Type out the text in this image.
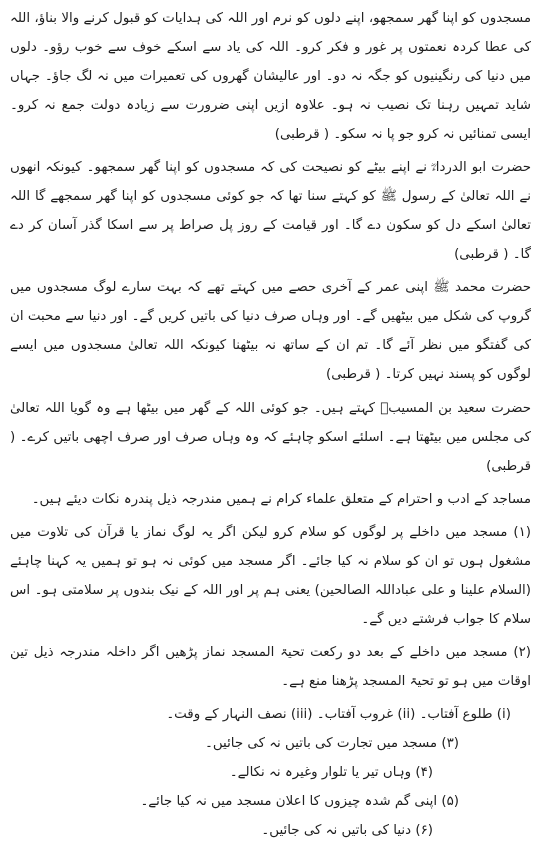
مسجدوں کو اپنا گھر سمجھو، اپنے دلوں کو نرم اور اللہ کی ہدایات کو قبول کرنے والا بناؤ، اللہ کی عطا کردہ نعمتوں پر غور و فکر کرو۔ اللہ کی یاد سے اسکے خوف سے خوب رؤو۔ دلوں میں دنیا کی رنگینیوں کو جگہ نہ دو۔ اور عالیشان گھروں کی تعمیرات میں نہ لگ جاؤ۔ جہاں شاید تمہیں رہنا تک نصیب نہ ہو۔ علاوہ ازیں اپنی ضرورت سے زیادہ دولت جمع نہ کرو۔ ایسی تمنائیں نہ کرو جو پا نہ سکو۔ ( قرطبی)

حضرت ابو الدرداءؓ نے اپنے بیٹے کو نصیحت کی کہ مسجدوں کو اپنا گھر سمجھو۔ کیونکہ انھوں نے اللہ تعالیٰ کے رسول ﷺ کو کہتے سنا تھا کہ جو کوئی مسجدوں کو اپنا گھر سمجھے گا اللہ تعالیٰ اسکے دل کو سکون دے گا۔ اور قیامت کے روز پل صراط پر سے اسکا گذر آسان کر دے گا۔ ( قرطبی)

حضرت محمد ﷺ اپنی عمر کے آخری حصے میں کہتے تھے کہ بہت سارے لوگ مسجدوں میں گروپ کی شکل میں بیٹھیں گے۔ اور وہاں صرف دنیا کی باتیں کریں گے۔ اور دنیا سے محبت ان کی گفتگو میں نظر آئے گا۔ تم ان کے ساتھ نہ بیٹھنا کیونکہ اللہ تعالیٰ مسجدوں میں ایسے لوگوں کو پسند نہیں کرتا۔ ( قرطبی)

حضرت سعید بن المسیبؒ کہتے ہیں۔ جو کوئی اللہ کے گھر میں بیٹھا ہے وہ گویا اللہ تعالیٰ کی مجلس میں بیٹھتا ہے۔ اسلئے اسکو چاہئے کہ وہ وہاں صرف اور صرف اچھی باتیں کرے۔ ( قرطبی)

مساجد کے ادب و احترام کے متعلق علماء کرام نے ہمیں مندرجہ ذیل پندرہ نکات دیئے ہیں۔

(۱) مسجد میں داخلے پر لوگوں کو سلام کرو لیکن اگر یہ لوگ نماز یا قرآن کی تلاوت میں مشغول ہوں تو ان کو سلام نہ کیا جائے۔ اگر مسجد میں کوئی نہ ہو تو ہمیں یہ کہنا چاہئے (السلام علینا و علی عباداللہ الصالحین) یعنی ہم پر اور اللہ کے نیک بندوں پر سلامتی ہو۔ اس سلام کا جواب فرشتے دیں گے۔

(۲) مسجد میں داخلے کے بعد دو رکعت تحیۃ المسجد نماز پڑھیں اگر داخلہ مندرجہ ذیل تین اوقات میں ہو تو تحیۃ المسجد پڑھنا منع ہے۔

(i) طلوع آفتاب۔ (ii) غروب آفتاب۔ (iii) نصف النہار کے وقت۔

(۳) مسجد میں تجارت کی باتیں نہ کی جائیں۔

(۴) وہاں تیر یا تلوار وغیرہ نہ نکالے۔

(۵) اپنی گم شدہ چیزوں کا اعلان مسجد میں نہ کیا جائے۔

(۶) دنیا کی باتیں نہ کی جائیں۔
